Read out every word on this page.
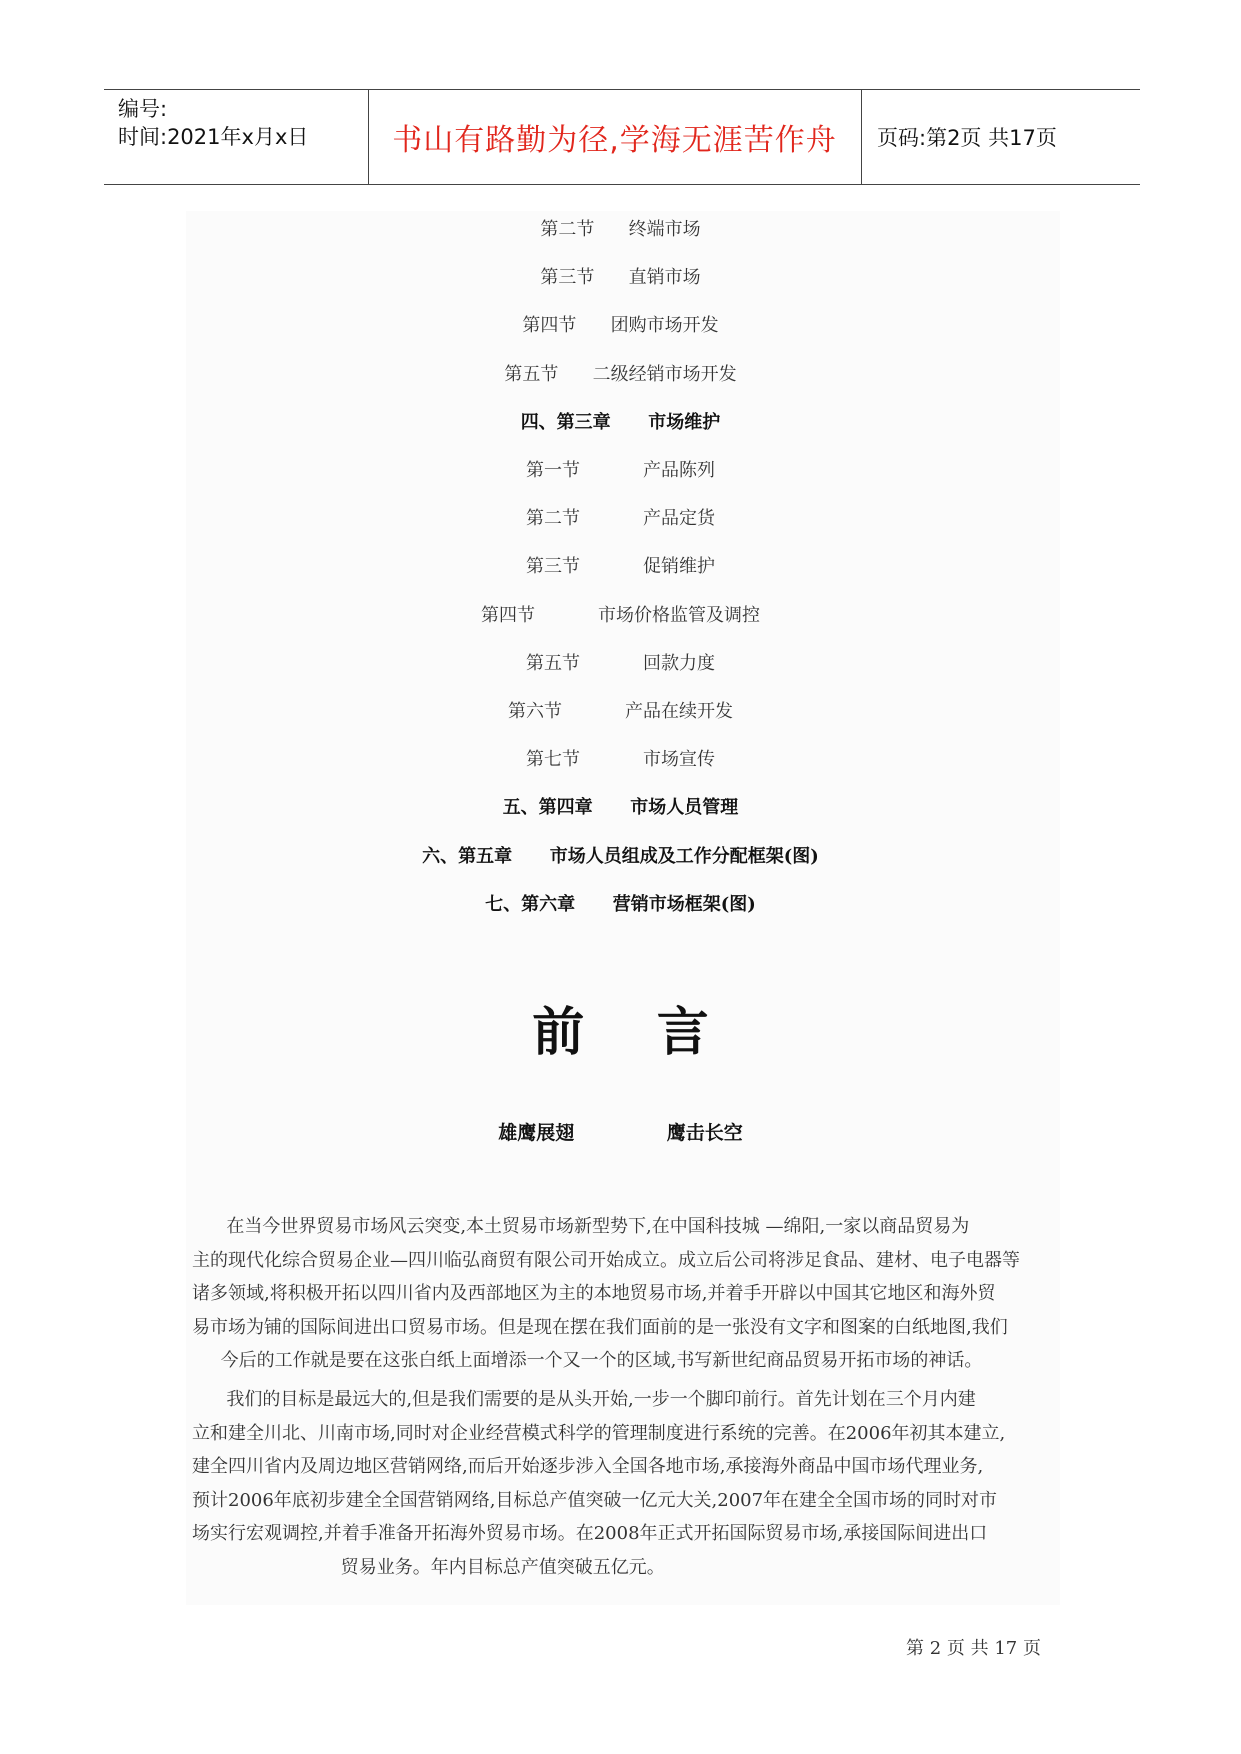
编号:
时间:2021年x月x日	书山有路勤为径,学海无涯苦作舟 页码:第2页 共17页
第二节      终端市场
第三节      直销市场
第四节      团购市场开发
第五节      二级经销市场开发
四、第三章      市场维护
第一节           产品陈列
第二节           产品定货
第三节           促销维护
第四节           市场价格监管及调控
第五节           回款力度
第六节           产品在续开发
第七节           市场宣传
五、第四章      市场人员管理
六、第五章      市场人员组成及工作分配框架(图)
七、第六章      营销市场框架(图)
前    言
雄鹰展翅              鹰击长空
在当今世界贸易市场风云突变,本土贸易市场新型势下,在中国科技城 —绵阳,一家以商品贸易为
主的现代化综合贸易企业—四川临弘商贸有限公司开始成立。成立后公司将涉足食品、建材、电子电器等
诸多领域,将积极开拓以四川省内及西部地区为主的本地贸易市场,并着手开辟以中国其它地区和海外贸
易市场为铺的国际间进出口贸易市场。但是现在摆在我们面前的是一张没有文字和图案的白纸地图,我们
今后的工作就是要在这张白纸上面增添一个又一个的区域,书写新世纪商品贸易开拓市场的神话。
我们的目标是最远大的,但是我们需要的是从头开始,一步一个脚印前行。首先计划在三个月内建
立和建全川北、川南市场,同时对企业经营模式科学的管理制度进行系统的完善。在2006年初其本建立,
建全四川省内及周边地区营销网络,而后开始逐步涉入全国各地市场,承接海外商品中国市场代理业务,
预计2006年底初步建全全国营销网络,目标总产值突破一亿元大关,2007年在建全全国市场的同时对市
场实行宏观调控,并着手准备开拓海外贸易市场。在2008年正式开拓国际贸易市场,承接国际间进出口
贸易业务。年内目标总产值突破五亿元。
第 2 页 共 17 页
